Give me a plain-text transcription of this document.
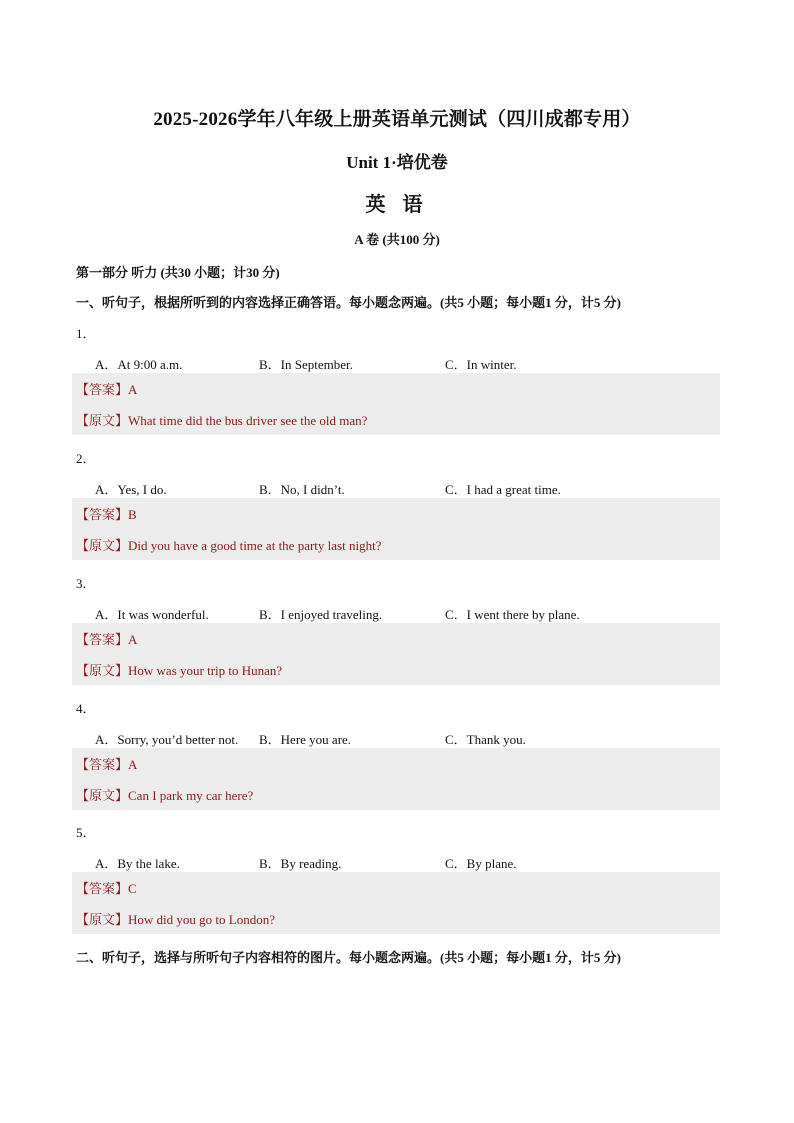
2025-2026学年八年级上册英语单元测试（四川成都专用）
Unit 1·培优卷
英 语
A 卷 (共100 分)
第一部分 听力 (共30 小题；计30 分)
一、听句子，根据所听到的内容选择正确答语。每小题念两遍。(共5 小题；每小题1 分，计5 分)
1．
A．At 9:00 a.m.	B．In September.	C．In winter.
【答案】A
【原文】What time did the bus driver see the old man?
2．
A．Yes, I do.	B．No, I didn’t.	C．I had a great time.
【答案】B
【原文】Did you have a good time at the party last night?
3．
A．It was wonderful.	B．I enjoyed traveling.	C．I went there by plane.
【答案】A
【原文】How was your trip to Hunan?
4．
A．Sorry, you’d better not. B．Here you are.	C．Thank you.
【答案】A
【原文】Can I park my car here?
5．
A．By the lake.	B．By reading.	C．By plane.
【答案】C
【原文】How did you go to London?
二、听句子，选择与所听句子内容相符的图片。每小题念两遍。(共5 小题；每小题1 分，计5 分)
